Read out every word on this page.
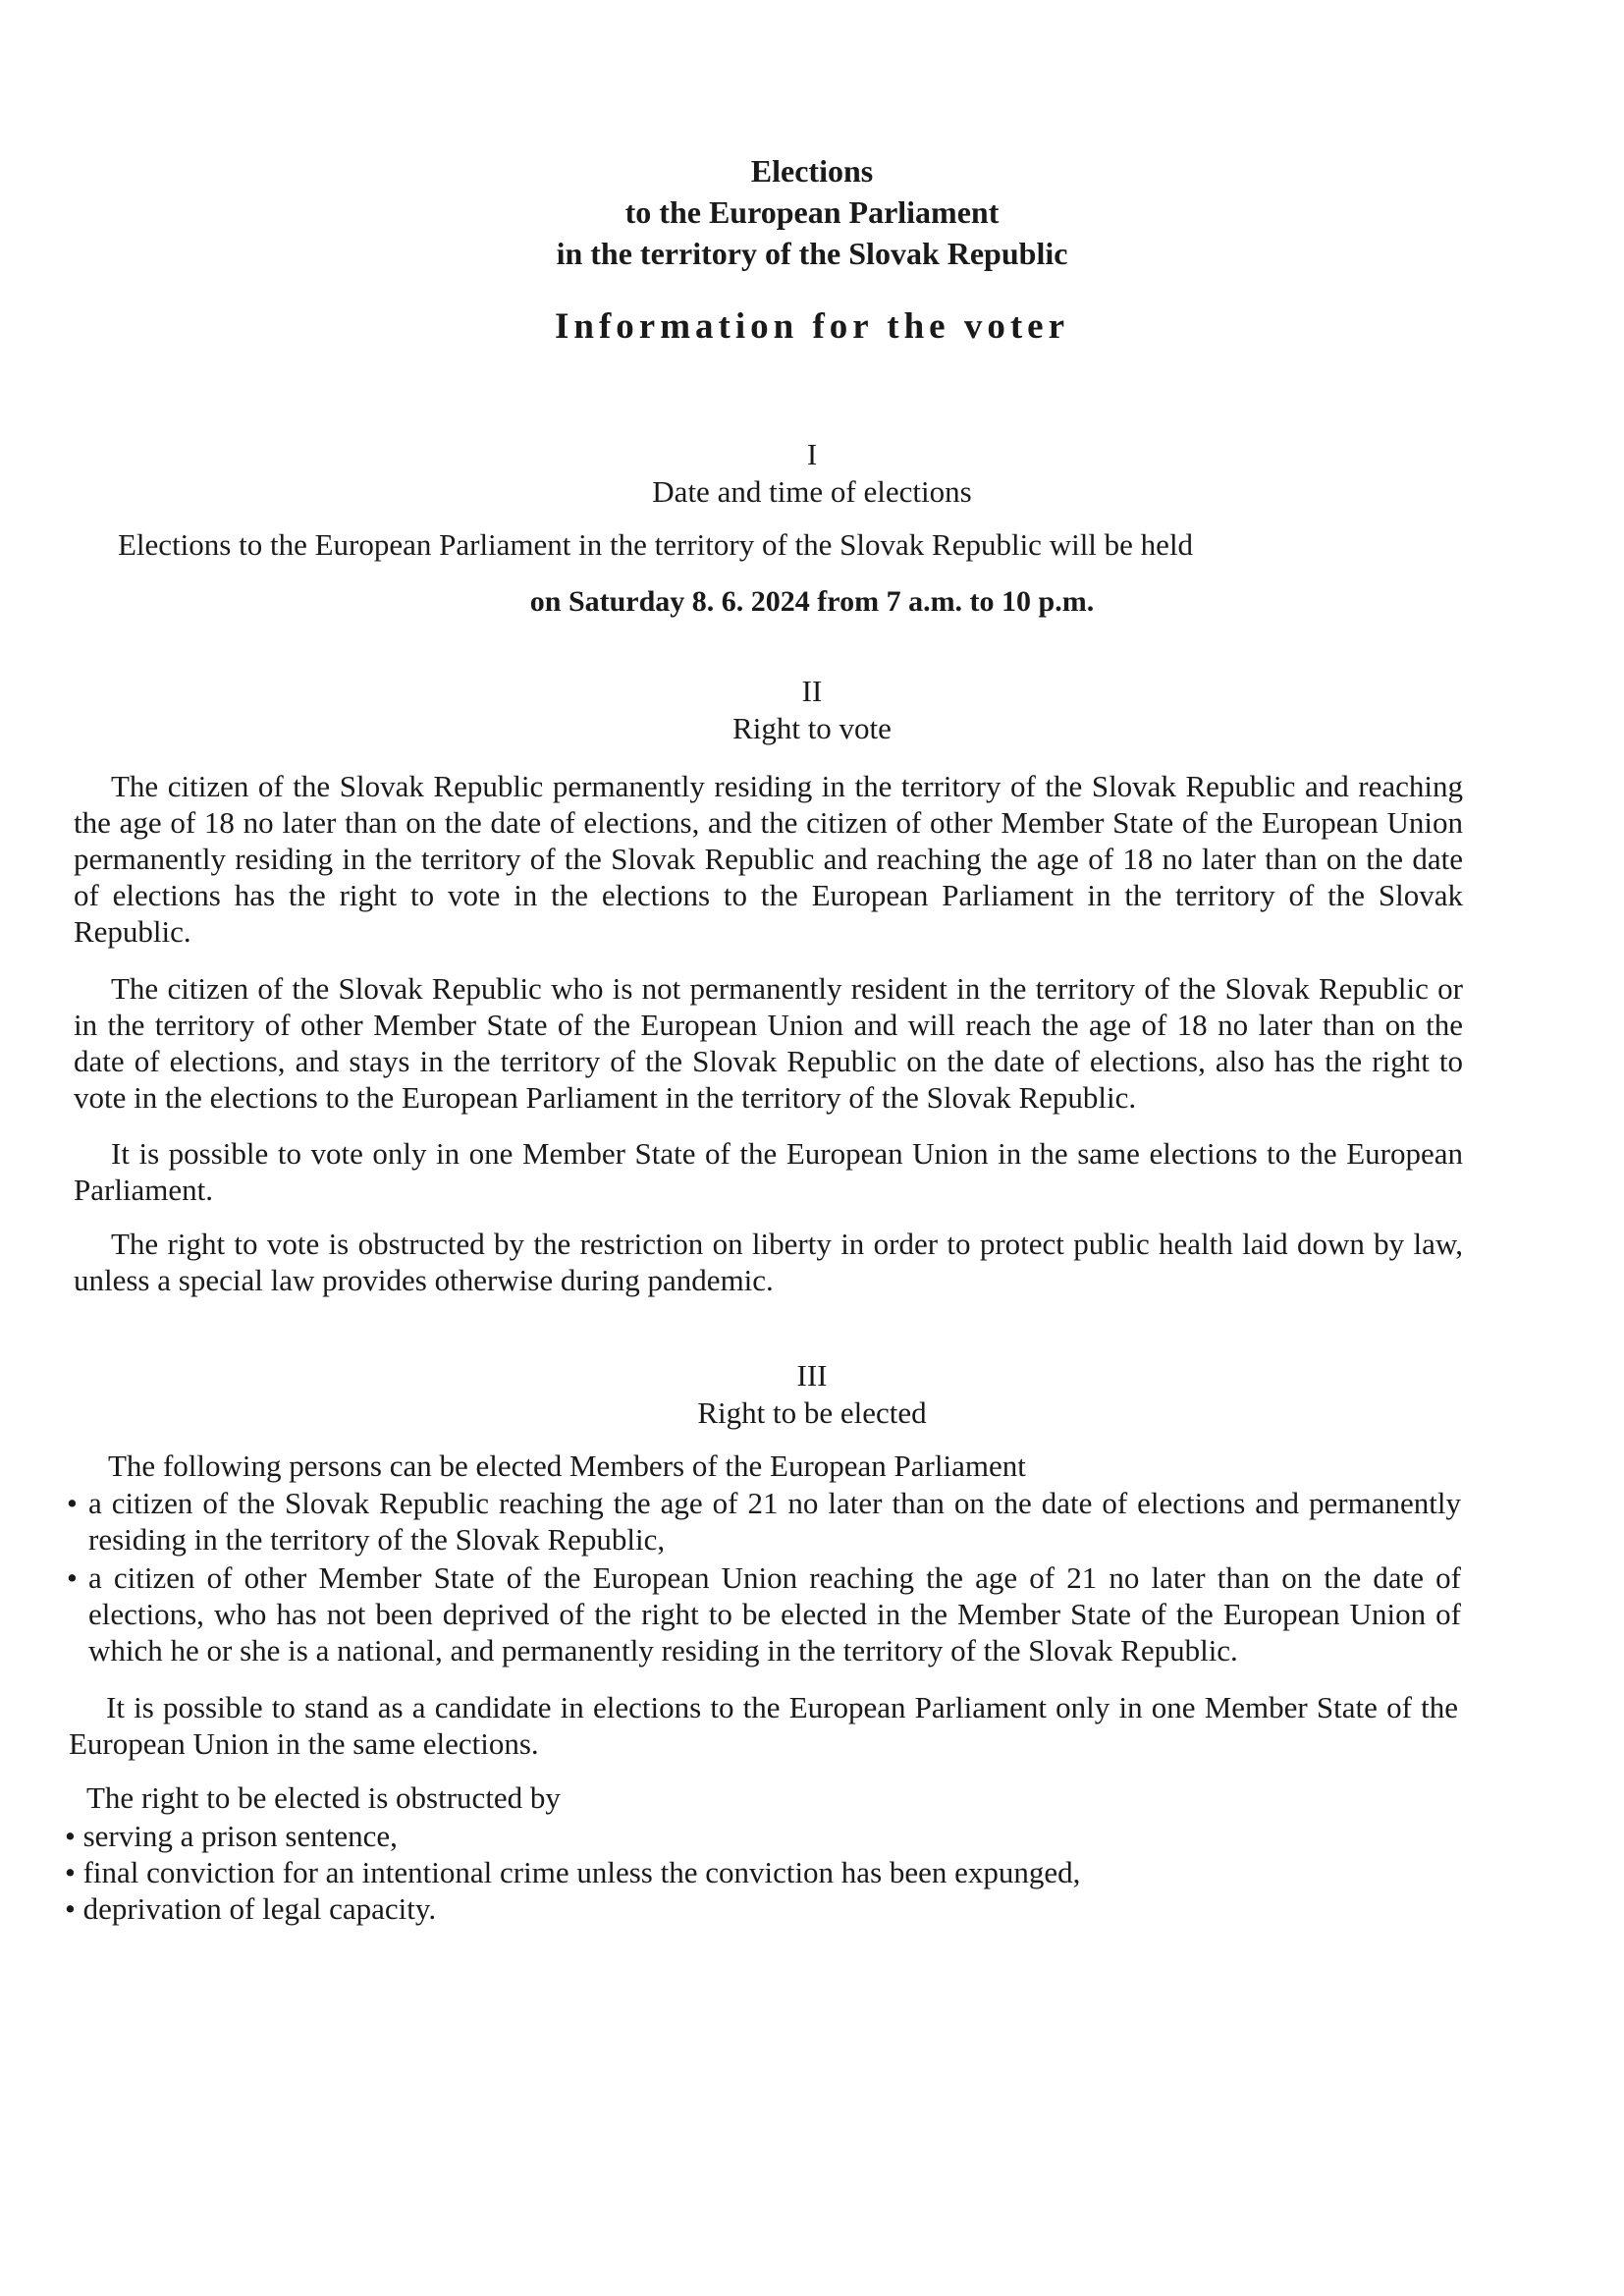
Elections
to the European Parliament
in the territory of the Slovak Republic
Information for the voter
I
Date and time of elections
Elections to the European Parliament in the territory of the Slovak Republic will be held
on Saturday 8. 6. 2024 from 7 a.m. to 10 p.m.
II
Right to vote
The citizen of the Slovak Republic permanently residing in the territory of the Slovak Republic and reaching the age of 18 no later than on the date of elections, and the citizen of other Member State of the European Union permanently residing in the territory of the Slovak Republic and reaching the age of 18 no later than on the date of elections has the right to vote in the elections to the European Parliament in the territory of the Slovak Republic.
The citizen of the Slovak Republic who is not permanently resident in the territory of the Slovak Republic or in the territory of other Member State of the European Union and will reach the age of 18 no later than on the date of elections, and stays in the territory of the Slovak Republic on the date of elections, also has the right to vote in the elections to the European Parliament in the territory of the Slovak Republic.
It is possible to vote only in one Member State of the European Union in the same elections to the European Parliament.
The right to vote is obstructed by the restriction on liberty in order to protect public health laid down by law, unless a special law provides otherwise during pandemic.
III
Right to be elected
The following persons can be elected Members of the European Parliament
• a citizen of the Slovak Republic reaching the age of 21 no later than on the date of elections and permanently residing in the territory of the Slovak Republic,
• a citizen of other Member State of the European Union reaching the age of 21 no later than on the date of elections, who has not been deprived of the right to be elected in the Member State of the European Union of which he or she is a national, and permanently residing in the territory of the Slovak Republic.
It is possible to stand as a candidate in elections to the European Parliament only in one Member State of the European Union in the same elections.
The right to be elected is obstructed by
• serving a prison sentence,
• final conviction for an intentional crime unless the conviction has been expunged,
• deprivation of legal capacity.
